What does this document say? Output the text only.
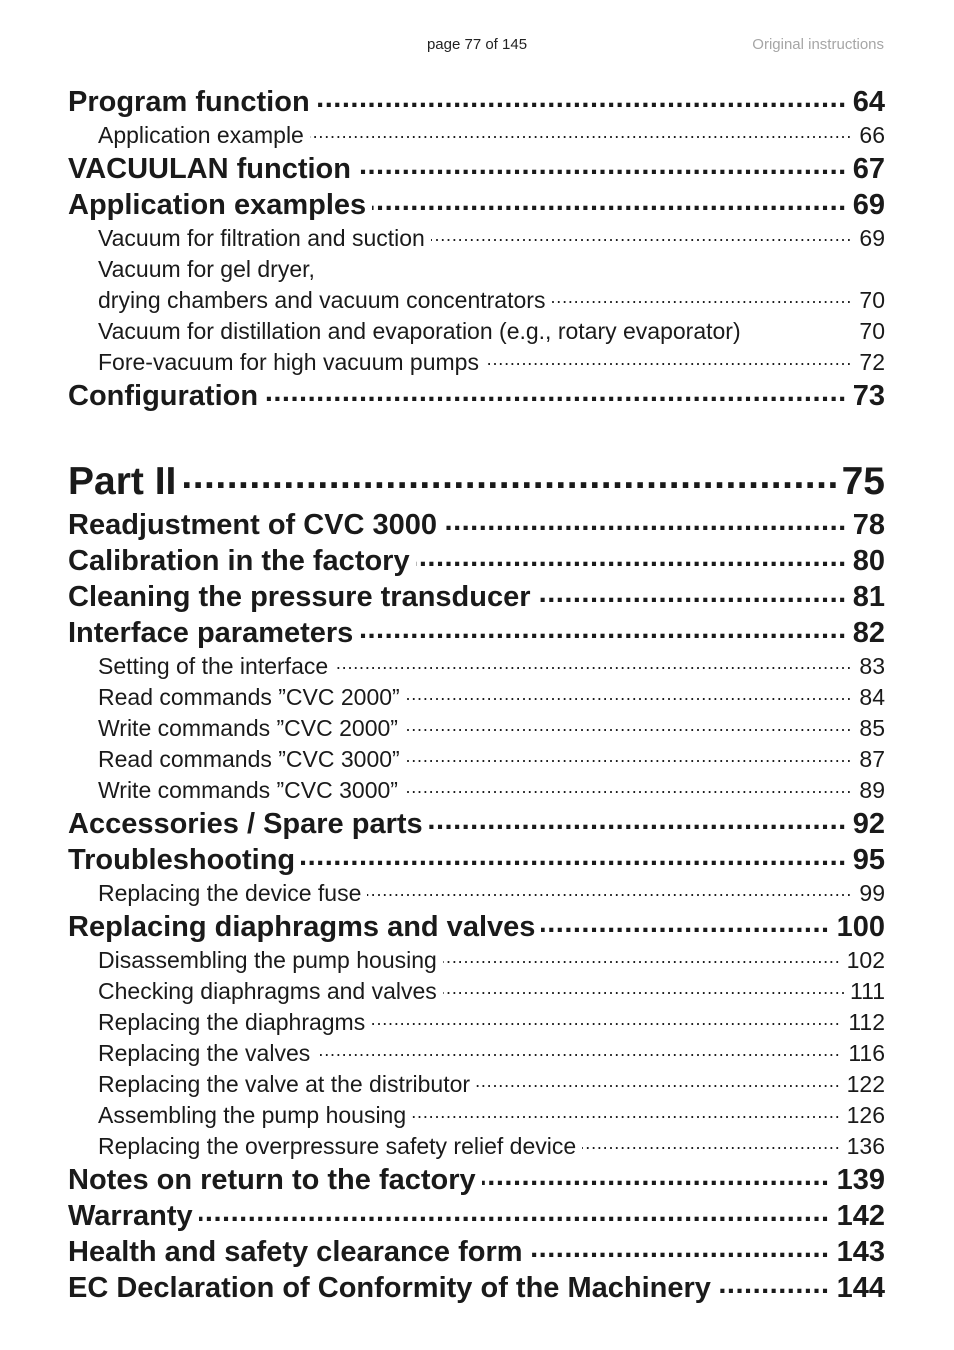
page 77 of 145	Original instructions
.....
Program function	64
.....
Application example	66
.....
VACUULAN function	67
.....
Application examples	69
.....
Vacuum for filtration and suction	69
Vacuum for gel dryer,
.....
drying chambers and vacuum concentrators	70
Vacuum for distillation and evaporation (e.g., rotary evaporator)	70
.....
Fore-vacuum for high vacuum pumps	72
.....
Configuration	73
.....
Part II	75
.....
Readjustment of CVC 3000	78
.....
Calibration in the factory	80
.....
Cleaning the pressure transducer	81
.....
Interface parameters	82
.....
Setting of the interface	83
.....
Read commands ”CVC 2000”	84
.....
Write commands ”CVC 2000”	85
.....
Read commands ”CVC 3000”	87
.....
Write commands ”CVC 3000”	89
.....
Accessories / Spare parts	92
.....
Troubleshooting	95
.....
Replacing the device fuse	99
.....
Replacing diaphragms and valves	100
.....
Disassembling the pump housing	102
.....
Checking diaphragms and valves	111
.....
Replacing the diaphragms	112
.....
Replacing the valves	116
.....
Replacing the valve at the distributor	122
.....
Assembling the pump housing	126
.....
Replacing the overpressure safety relief device	136
.....
Notes on return to the factory	139
.....
Warranty	142
.....
Health and safety clearance form	143
.....
EC Declaration of Conformity of the Machinery	144
